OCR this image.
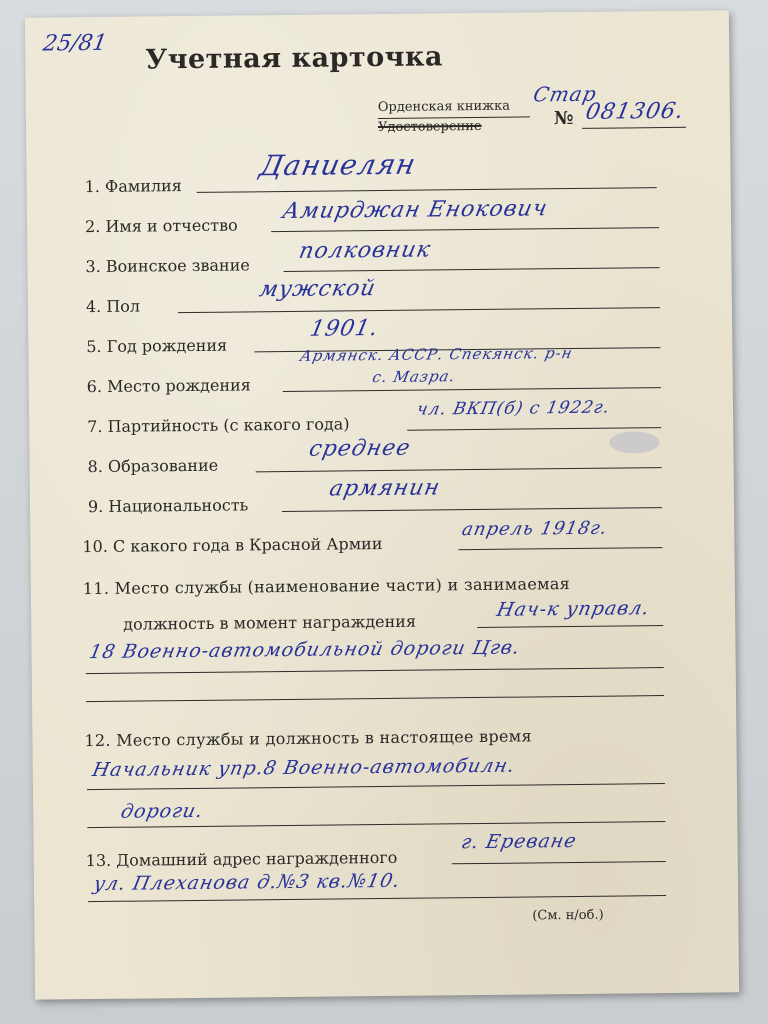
25/81 Учетная карточка
Орденская книжка
Удостоверение	№
Стар
081306.
1. Фамилия
Даниелян
2. Имя и отчество
Амирджан Енокович
3. Воинское звание
полковник
4. Пол
мужской
5. Год рождения
1901.
6. Место рождения
Армянск. АССР. Спекянск. р-н
с. Мазра.
7. Партийность (с какого года)
чл. ВКП(б) с 1922г.
8. Образование
среднее
9. Национальность
армянин
10. С какого года в Красной Армии
апрель 1918г.
11. Место службы (наименование части) и занимаемая
должность в момент награждения
Нач-к управл.
18 Военно-автомобильной дороги Цгв.
12. Место службы и должность в настоящее время
Начальник упр.8 Военно-автомобилн.
дороги.
13. Домашний адрес награжденного
г. Ереване
ул. Плеханова д.№3 кв.№10.
(См. н/об.)
